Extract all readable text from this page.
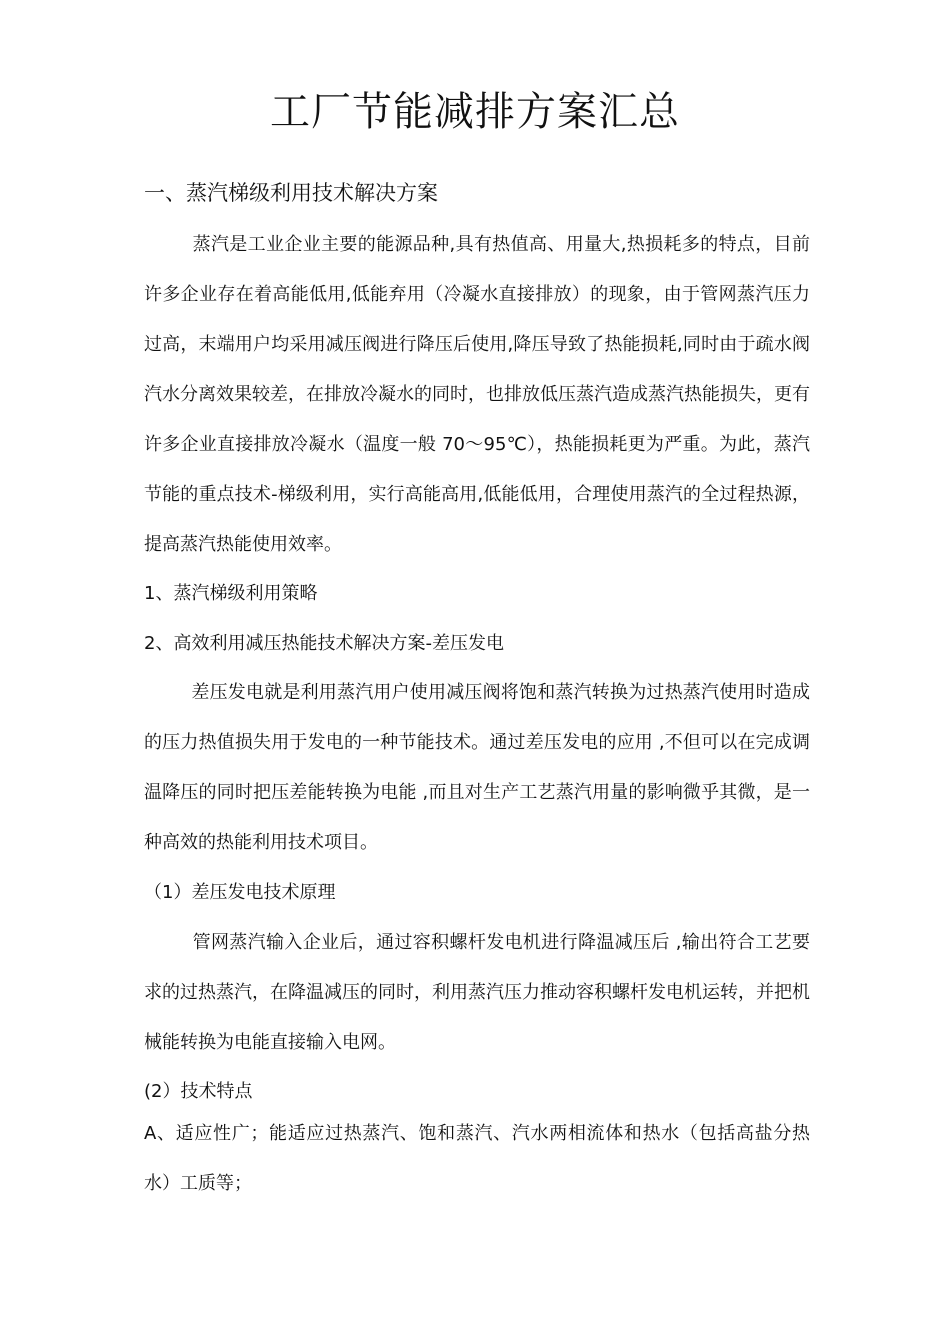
工厂节能减排方案汇总
一、蒸汽梯级利用技术解决方案
蒸汽是工业企业主要的能源品种,具有热值高、用量大,热损耗多的特点，目前许多企业存在着高能低用,低能弃用（冷凝水直接排放）的现象，由于管网蒸汽压力过高，末端用户均采用减压阀进行降压后使用,降压导致了热能损耗,同时由于疏水阀汽水分离效果较差，在排放冷凝水的同时，也排放低压蒸汽造成蒸汽热能损失，更有许多企业直接排放冷凝水（温度一般 70～95℃），热能损耗更为严重。为此，蒸汽节能的重点技术-梯级利用，实行高能高用,低能低用，合理使用蒸汽的全过程热源，提高蒸汽热能使用效率。
1、蒸汽梯级利用策略
2、高效利用减压热能技术解决方案-差压发电
差压发电就是利用蒸汽用户使用减压阀将饱和蒸汽转换为过热蒸汽使用时造成的压力热值损失用于发电的一种节能技术。通过差压发电的应用 ,不但可以在完成调温降压的同时把压差能转换为电能 ,而且对生产工艺蒸汽用量的影响微乎其微，是一种高效的热能利用技术项目。
（1）差压发电技术原理
管网蒸汽输入企业后，通过容积螺杆发电机进行降温减压后 ,输出符合工艺要求的过热蒸汽，在降温减压的同时，利用蒸汽压力推动容积螺杆发电机运转，并把机械能转换为电能直接输入电网。
(2）技术特点
A、适应性广；能适应过热蒸汽、饱和蒸汽、汽水两相流体和热水（包括高盐分热水）工质等；
